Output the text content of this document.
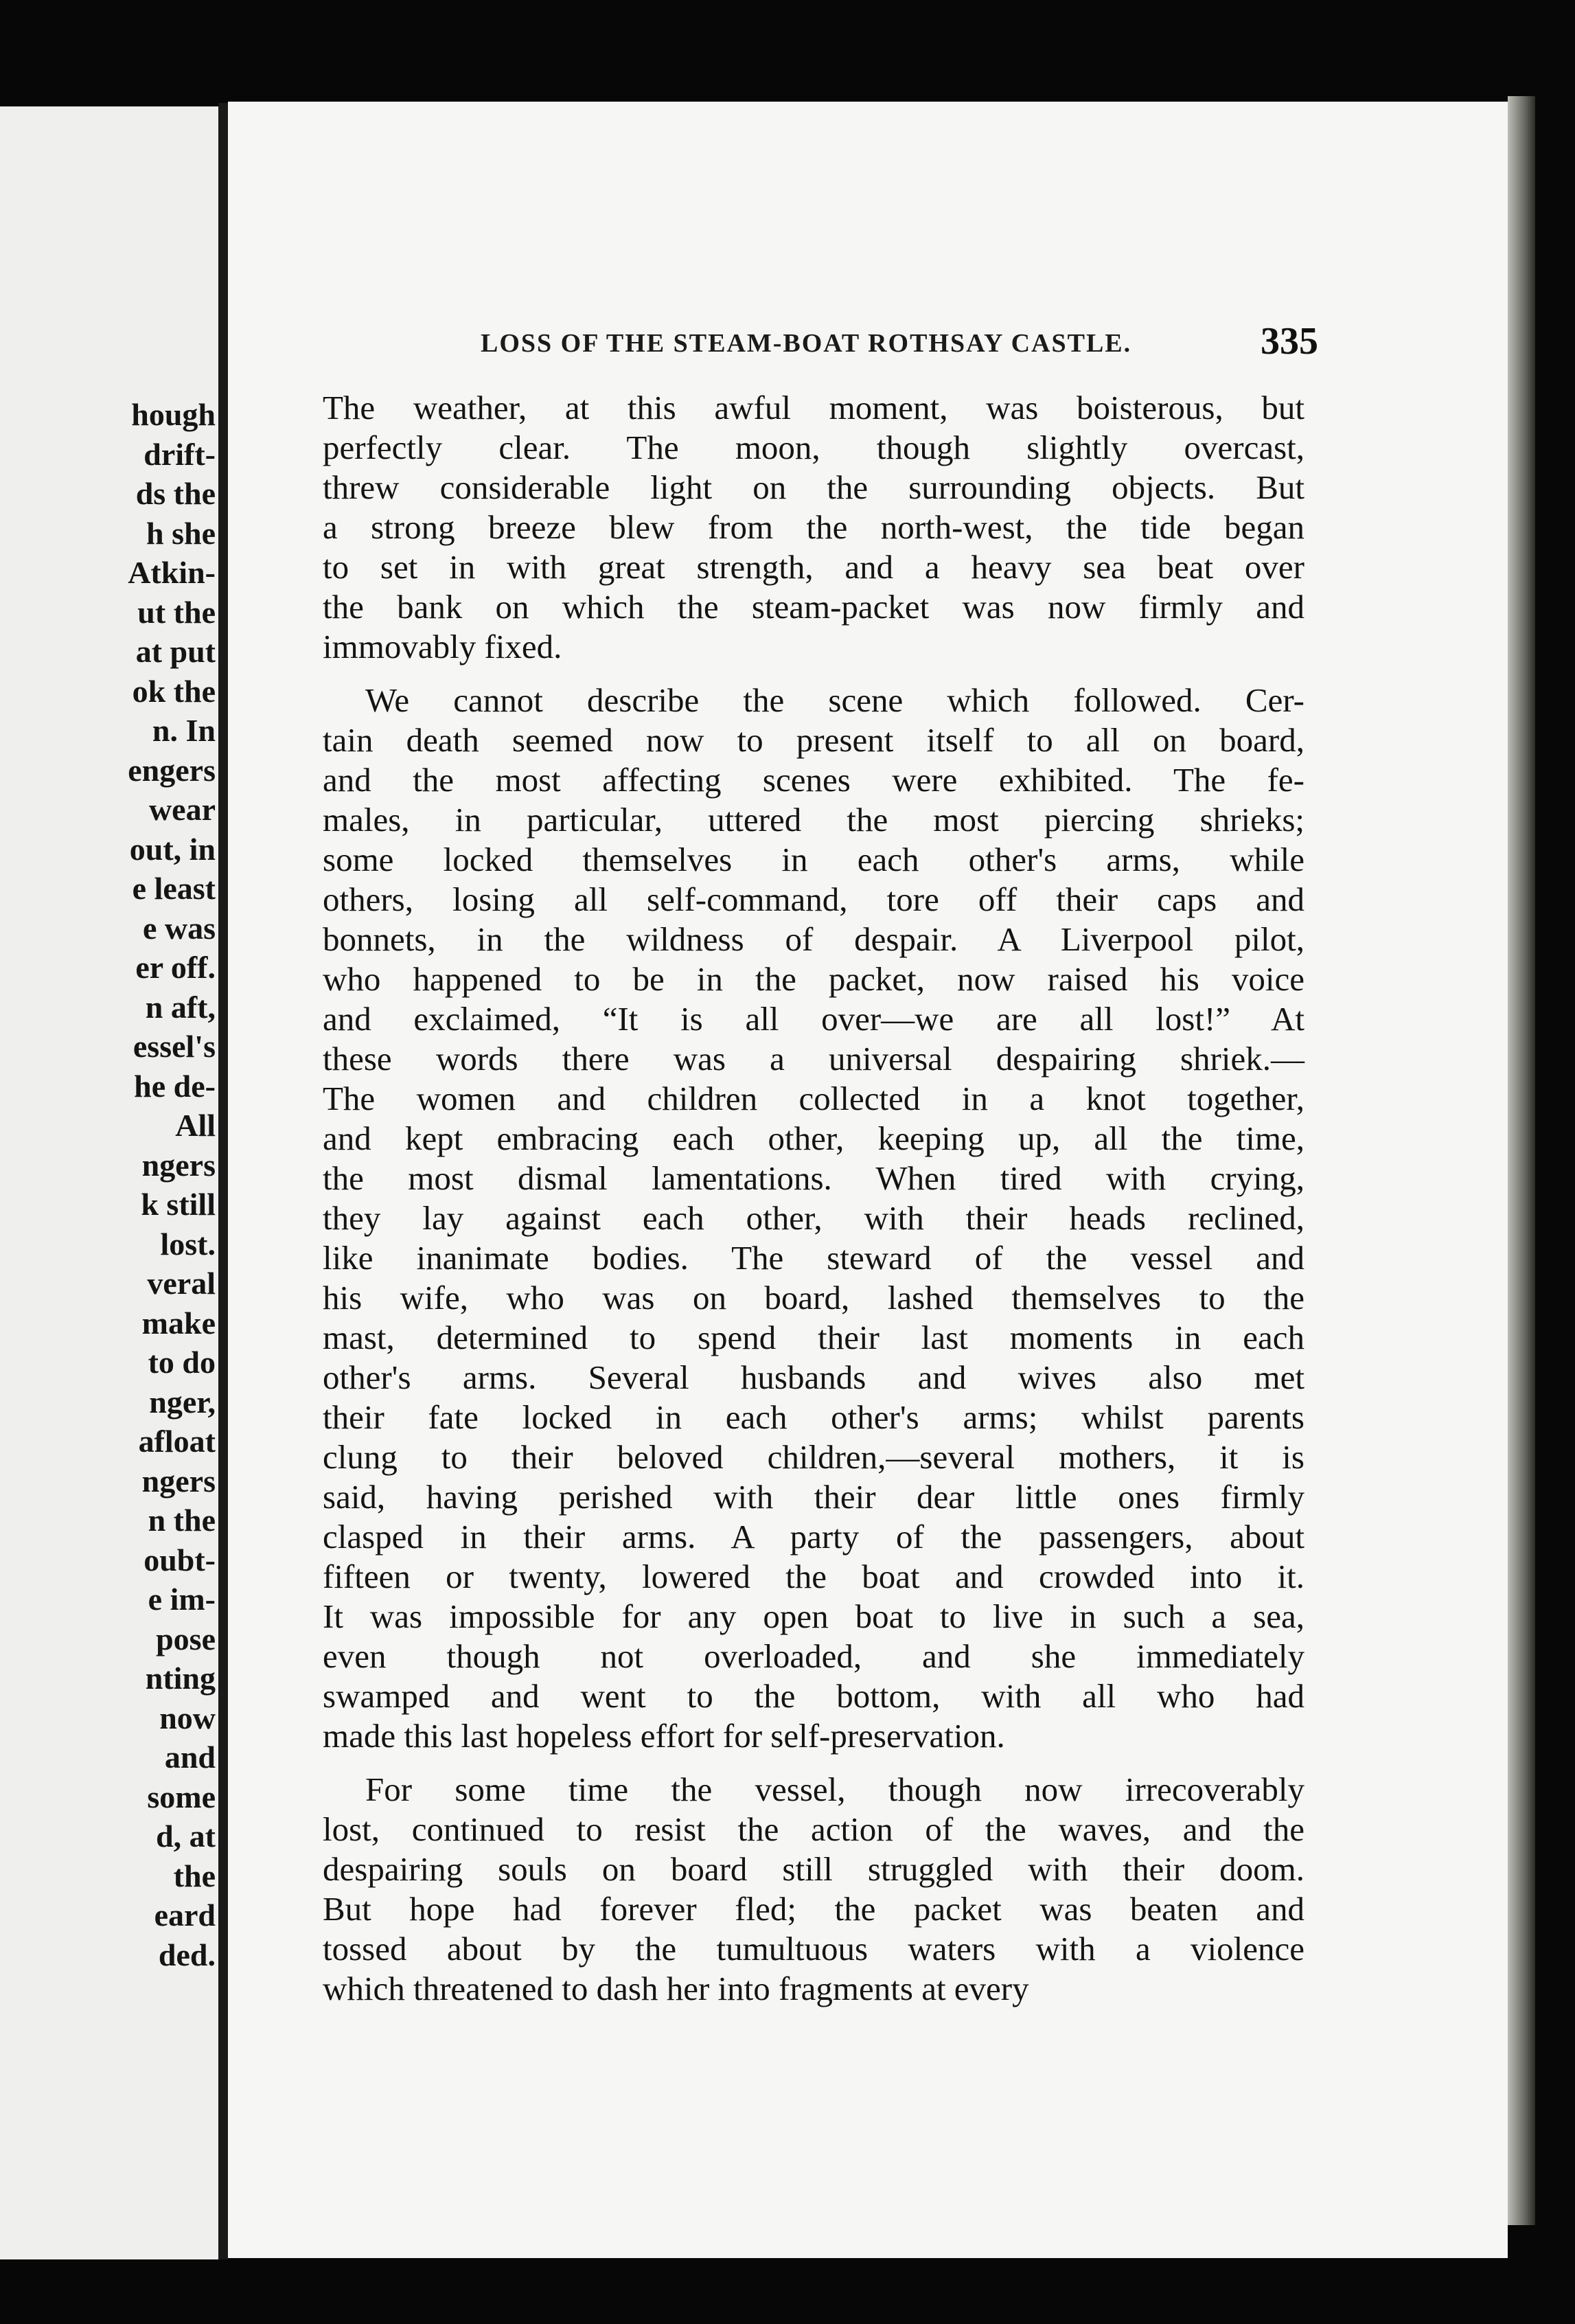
hough
drift-
ds the
h she
Atkin-
ut the
at put
ok the
n. In
engers
wear
out, in
e least
e was
er off.
n aft,
essel's
he de-
All
ngers
k still
lost.
veral
make
to do
nger,
afloat
ngers
n the
oubt-
e im-
pose
nting
now
and
some
d, at
the
eard
ded.
LOSS OF THE STEAM-BOAT ROTHSAY CASTLE.	335
The weather, at this awful moment, was boisterous, but
perfectly clear. The moon, though slightly overcast,
threw considerable light on the surrounding objects. But
a strong breeze blew from the north-west, the tide began
to set in with great strength, and a heavy sea beat over
the bank on which the steam-packet was now firmly and
immovably fixed.
We cannot describe the scene which followed. Cer-
tain death seemed now to present itself to all on board,
and the most affecting scenes were exhibited. The fe-
males, in particular, uttered the most piercing shrieks;
some locked themselves in each other's arms, while
others, losing all self-command, tore off their caps and
bonnets, in the wildness of despair. A Liverpool pilot,
who happened to be in the packet, now raised his voice
and exclaimed, “It is all over—we are all lost!” At
these words there was a universal despairing shriek.—
The women and children collected in a knot together,
and kept embracing each other, keeping up, all the time,
the most dismal lamentations. When tired with crying,
they lay against each other, with their heads reclined,
like inanimate bodies. The steward of the vessel and
his wife, who was on board, lashed themselves to the
mast, determined to spend their last moments in each
other's arms. Several husbands and wives also met
their fate locked in each other's arms; whilst parents
clung to their beloved children,—several mothers, it is
said, having perished with their dear little ones firmly
clasped in their arms. A party of the passengers, about
fifteen or twenty, lowered the boat and crowded into it.
It was impossible for any open boat to live in such a sea,
even though not overloaded, and she immediately
swamped and went to the bottom, with all who had
made this last hopeless effort for self-preservation.
For some time the vessel, though now irrecoverably
lost, continued to resist the action of the waves, and the
despairing souls on board still struggled with their doom.
But hope had forever fled; the packet was beaten and
tossed about by the tumultuous waters with a violence
which threatened to dash her into fragments at every
